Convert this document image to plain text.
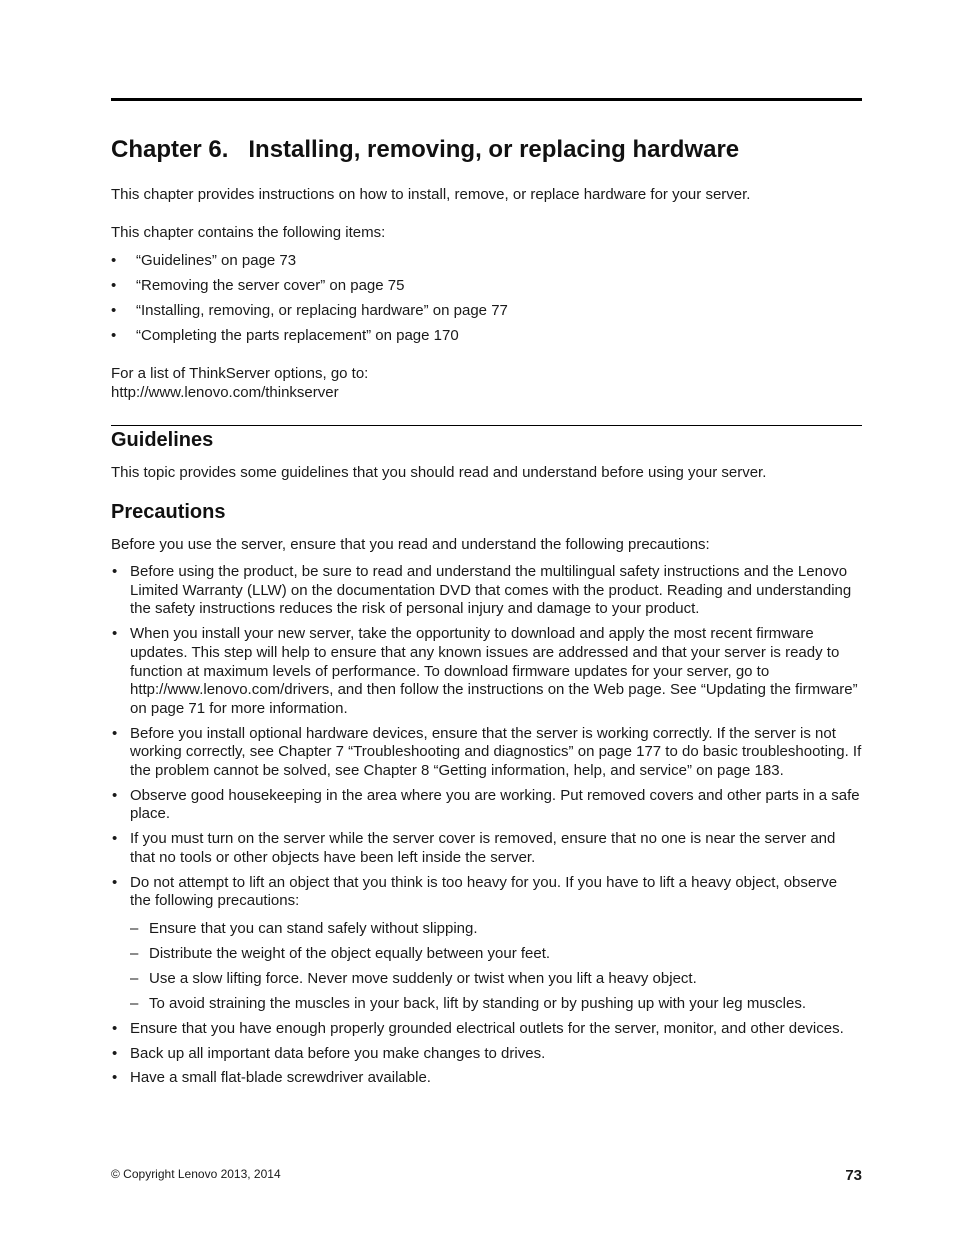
Chapter 6.   Installing, removing, or replacing hardware

This chapter provides instructions on how to install, remove, or replace hardware for your server.

This chapter contains the following items:

• “Guidelines” on page 73
• “Removing the server cover” on page 75
• “Installing, removing, or replacing hardware” on page 77
• “Completing the parts replacement” on page 170

For a list of ThinkServer options, go to:

http://www.lenovo.com/thinkserver

Guidelines

This topic provides some guidelines that you should read and understand before using your server.

Precautions

Before you use the server, ensure that you read and understand the following precautions:

• Before using the product, be sure to read and understand the multilingual safety instructions and the Lenovo Limited Warranty (LLW) on the documentation DVD that comes with the product. Reading and understanding the safety instructions reduces the risk of personal injury and damage to your product.
• When you install your new server, take the opportunity to download and apply the most recent firmware updates. This step will help to ensure that any known issues are addressed and that your server is ready to function at maximum levels of performance. To download firmware updates for your server, go to http://www.lenovo.com/drivers, and then follow the instructions on the Web page. See “Updating the firmware” on page 71 for more information.
• Before you install optional hardware devices, ensure that the server is working correctly. If the server is not working correctly, see Chapter 7 “Troubleshooting and diagnostics” on page 177 to do basic troubleshooting. If the problem cannot be solved, see Chapter 8 “Getting information, help, and service” on page 183.
• Observe good housekeeping in the area where you are working. Put removed covers and other parts in a safe place.
• If you must turn on the server while the server cover is removed, ensure that no one is near the server and that no tools or other objects have been left inside the server.
• Do not attempt to lift an object that you think is too heavy for you. If you have to lift a heavy object, observe the following precautions:
– Ensure that you can stand safely without slipping.
– Distribute the weight of the object equally between your feet.
– Use a slow lifting force. Never move suddenly or twist when you lift a heavy object.
– To avoid straining the muscles in your back, lift by standing or by pushing up with your leg muscles.
• Ensure that you have enough properly grounded electrical outlets for the server, monitor, and other devices.
• Back up all important data before you make changes to drives.
• Have a small flat-blade screwdriver available.

© Copyright Lenovo 2013, 2014	73
